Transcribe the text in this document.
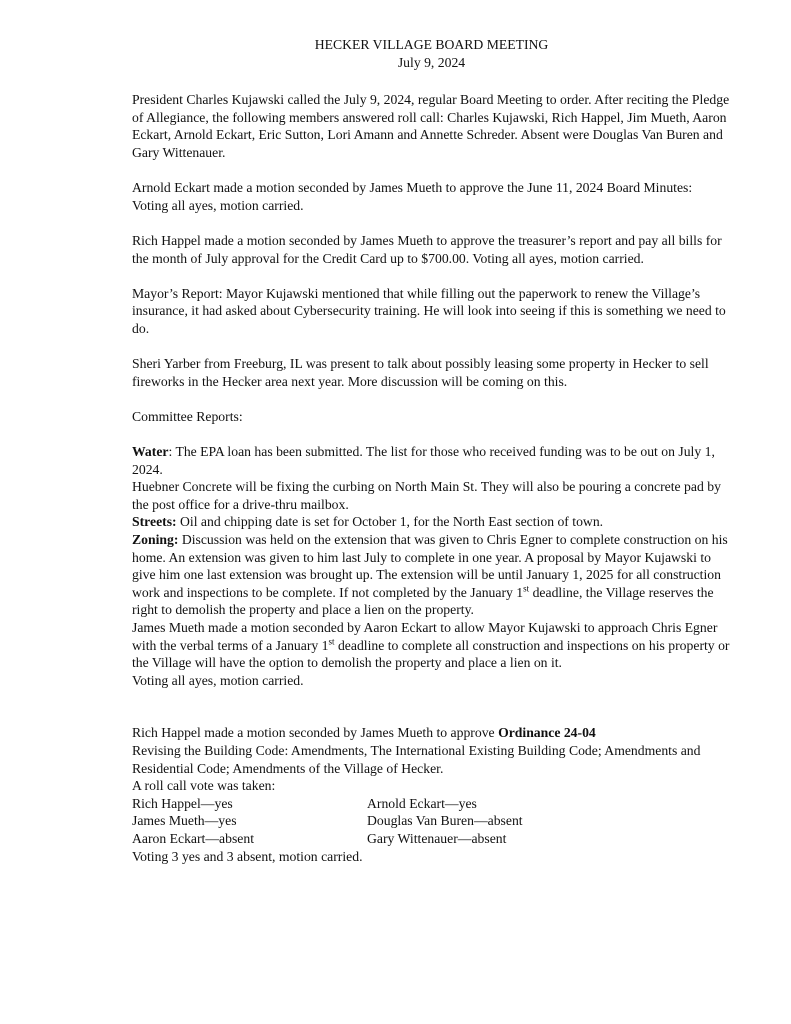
HECKER VILLAGE BOARD MEETING

July 9, 2024

President Charles Kujawski called the July 9, 2024, regular Board Meeting to order. After reciting the Pledge of Allegiance, the following members answered roll call: Charles Kujawski, Rich Happel, Jim Mueth, Aaron Eckart, Arnold Eckart, Eric Sutton, Lori Amann and Annette Schreder. Absent were Douglas Van Buren and Gary Wittenauer.

Arnold Eckart made a motion seconded by James Mueth to approve the June 11, 2024 Board Minutes: Voting all ayes, motion carried.

Rich Happel made a motion seconded by James Mueth to approve the treasurer’s report and pay all bills for the month of July approval for the Credit Card up to $700.00. Voting all ayes, motion carried.

Mayor’s Report: Mayor Kujawski mentioned that while filling out the paperwork to renew the Village’s insurance, it had asked about Cybersecurity training. He will look into seeing if this is something we need to do.

Sheri Yarber from Freeburg, IL was present to talk about possibly leasing some property in Hecker to sell fireworks in the Hecker area next year. More discussion will be coming on this.

Committee Reports:

Water: The EPA loan has been submitted. The list for those who received funding was to be out on July 1, 2024.

Huebner Concrete will be fixing the curbing on North Main St. They will also be pouring a concrete pad by the post office for a drive-thru mailbox.

Streets: Oil and chipping date is set for October 1, for the North East section of town.

Zoning: Discussion was held on the extension that was given to Chris Egner to complete construction on his home. An extension was given to him last July to complete in one year. A proposal by Mayor Kujawski to give him one last extension was brought up. The extension will be until January 1, 2025 for all construction work and inspections to be complete. If not completed by the January 1st deadline, the Village reserves the right to demolish the property and place a lien on the property.

James Mueth made a motion seconded by Aaron Eckart to allow Mayor Kujawski to approach Chris Egner with the verbal terms of a January 1st deadline to complete all construction and inspections on his property or the Village will have the option to demolish the property and place a lien on it.

Voting all ayes, motion carried.

Rich Happel made a motion seconded by James Mueth to approve Ordinance 24-04

Revising the Building Code: Amendments, The International Existing Building Code; Amendments and Residential Code; Amendments of the Village of Hecker.

A roll call vote was taken:

Rich Happel—yes	Arnold Eckart—yes
James Mueth—yes	Douglas Van Buren—absent
Aaron Eckart—absent	Gary Wittenauer—absent

Voting 3 yes and 3 absent, motion carried.
